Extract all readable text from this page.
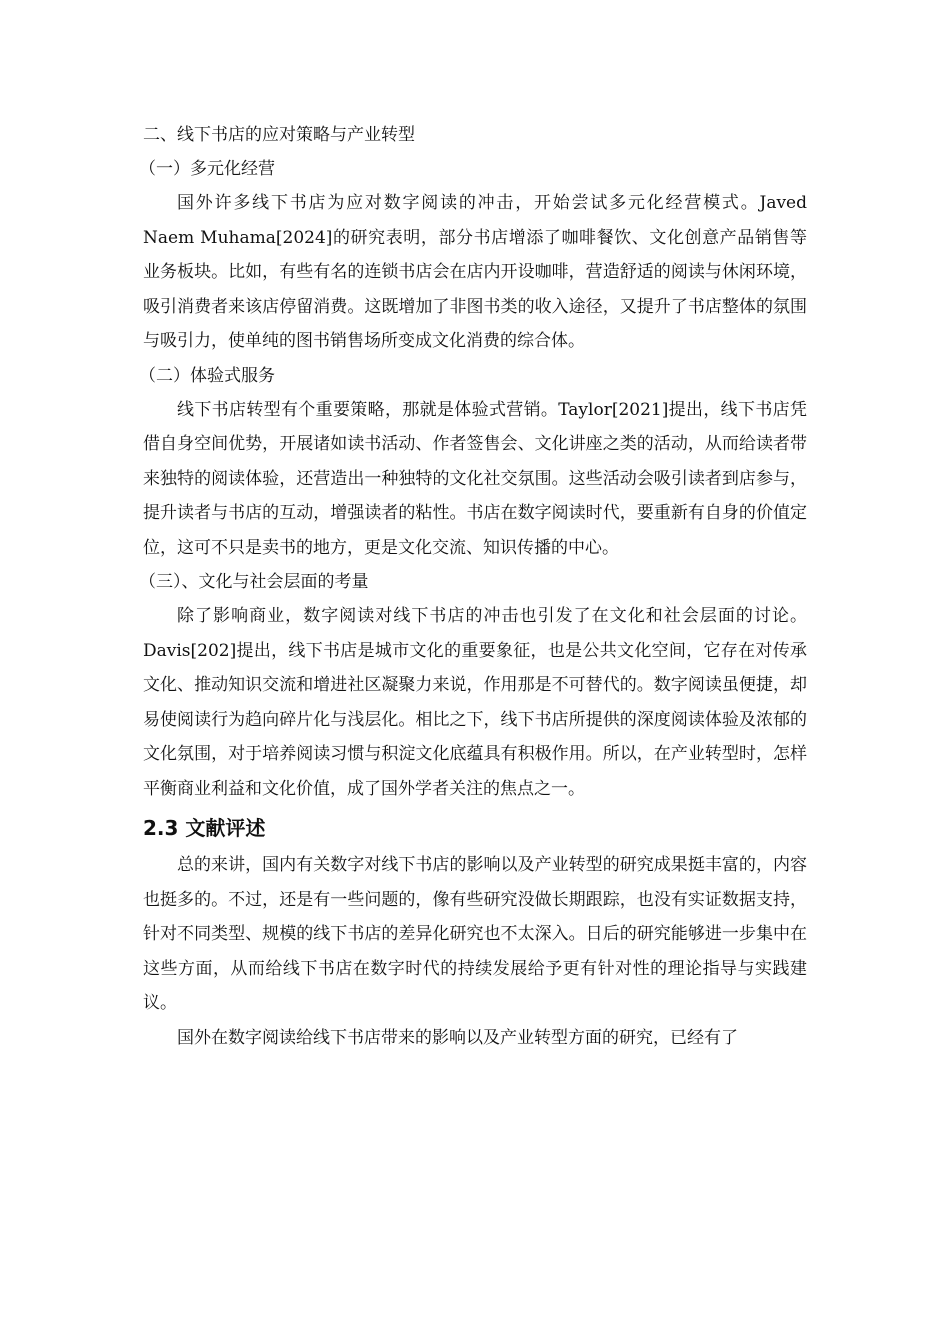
二、线下书店的应对策略与产业转型
（一）多元化经营

国外许多线下书店为应对数字阅读的冲击，开始尝试多元化经营模式。Javed Naem Muhama[2024]的研究表明，部分书店增添了咖啡餐饮、文化创意产品销售等业务板块。比如，有些有名的连锁书店会在店内开设咖啡，营造舒适的阅读与休闲环境，吸引消费者来该店停留消费。这既增加了非图书类的收入途径，又提升了书店整体的氛围与吸引力，使单纯的图书销售场所变成文化消费的综合体。

（二）体验式服务

线下书店转型有个重要策略，那就是体验式营销。Taylor[2021]提出，线下书店凭借自身空间优势，开展诸如读书活动、作者签售会、文化讲座之类的活动，从而给读者带来独特的阅读体验，还营造出一种独特的文化社交氛围。这些活动会吸引读者到店参与，提升读者与书店的互动，增强读者的粘性。书店在数字阅读时代，要重新有自身的价值定位，这可不只是卖书的地方，更是文化交流、知识传播的中心。

（三）、文化与社会层面的考量

除了影响商业，数字阅读对线下书店的冲击也引发了在文化和社会层面的讨论。Davis[202]提出，线下书店是城市文化的重要象征，也是公共文化空间，它存在对传承文化、推动知识交流和增进社区凝聚力来说，作用那是不可替代的。数字阅读虽便捷，却易使阅读行为趋向碎片化与浅层化。相比之下，线下书店所提供的深度阅读体验及浓郁的文化氛围，对于培养阅读习惯与积淀文化底蕴具有积极作用。所以，在产业转型时，怎样平衡商业利益和文化价值，成了国外学者关注的焦点之一。

2.3 文献评述

总的来讲，国内有关数字对线下书店的影响以及产业转型的研究成果挺丰富的，内容也挺多的。不过，还是有一些问题的，像有些研究没做长期跟踪，也没有实证数据支持，针对不同类型、规模的线下书店的差异化研究也不太深入。日后的研究能够进一步集中在这些方面，从而给线下书店在数字时代的持续发展给予更有针对性的理论指导与实践建议。

国外在数字阅读给线下书店带来的影响以及产业转型方面的研究，已经有了
